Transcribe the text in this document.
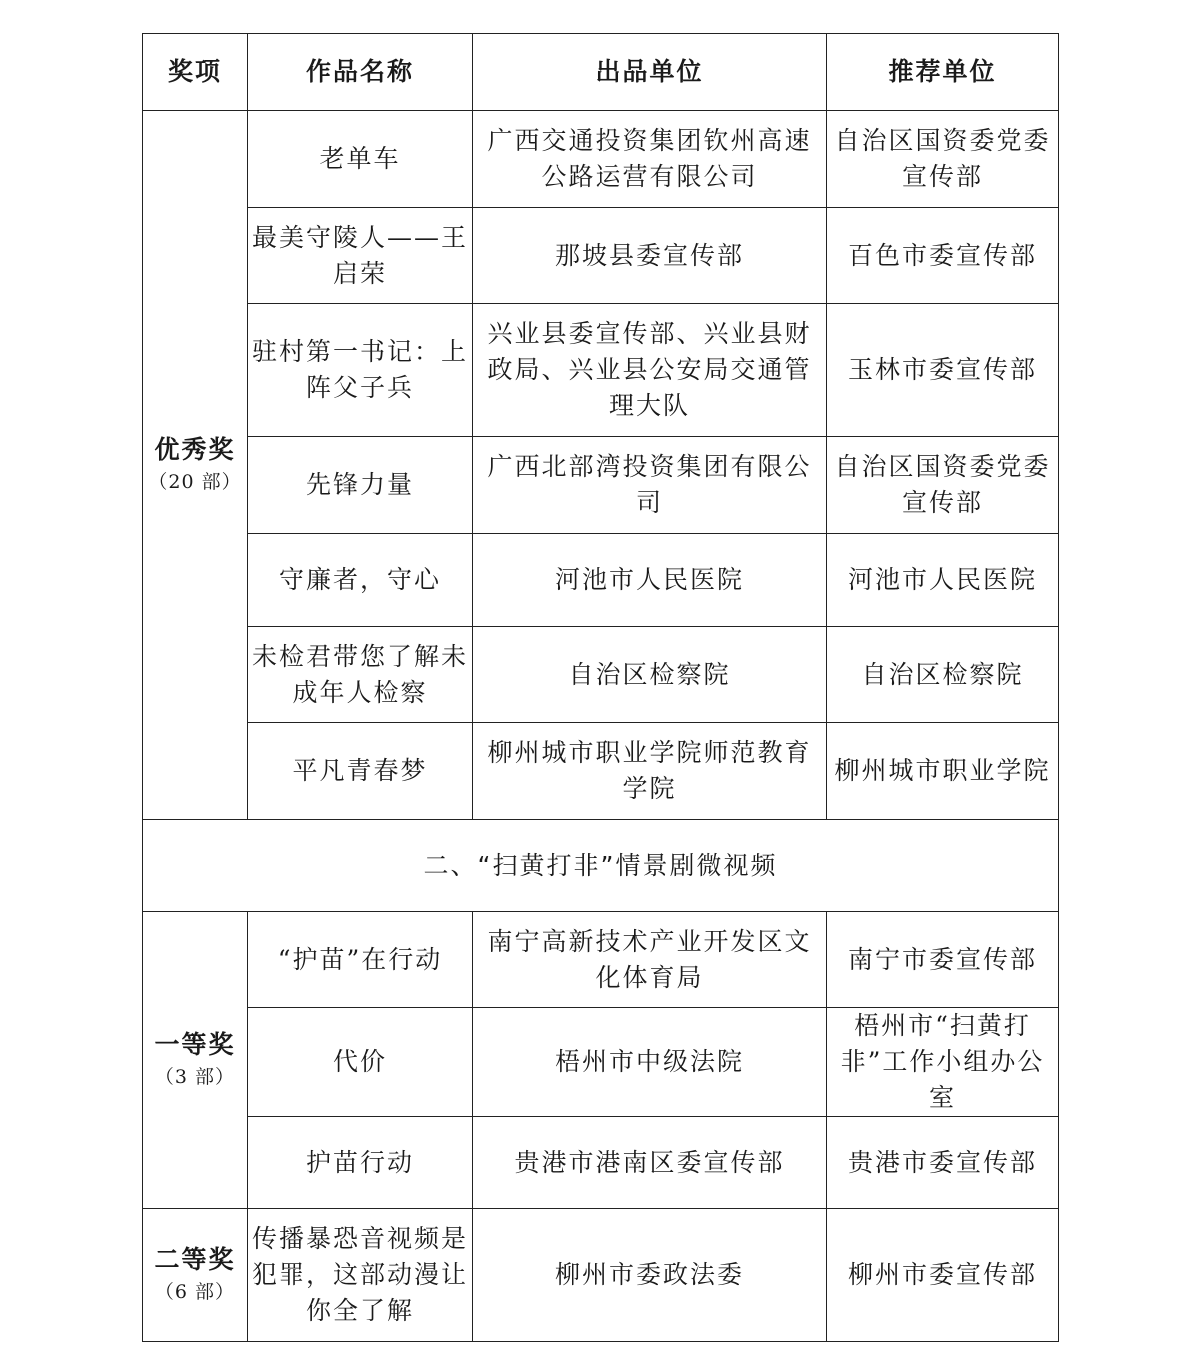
奖项	作品名称	出品单位	推荐单位

优秀奖
（20 部）	老单车	广西交通投资集团钦州高速公路运营有限公司	自治区国资委党委宣传部
	最美守陵人——王启荣	那坡县委宣传部	百色市委宣传部
	驻村第一书记：上阵父子兵	兴业县委宣传部、兴业县财政局、兴业县公安局交通管理大队	玉林市委宣传部
	先锋力量	广西北部湾投资集团有限公司	自治区国资委党委宣传部
	守廉者，守心	河池市人民医院	河池市人民医院
	未检君带您了解未成年人检察	自治区检察院	自治区检察院
	平凡青春梦	柳州城市职业学院师范教育学院	柳州城市职业学院
二、“扫黄打非”情景剧微视频			

一等奖
（3 部）	“护苗”在行动	南宁高新技术产业开发区文化体育局	南宁市委宣传部
	代价	梧州市中级法院	梧州市“扫黄打非”工作小组办公室
	护苗行动	贵港市港南区委宣传部	贵港市委宣传部

二等奖
（6 部）	传播暴恐音视频是犯罪，这部动漫让你全了解	柳州市委政法委	柳州市委宣传部
